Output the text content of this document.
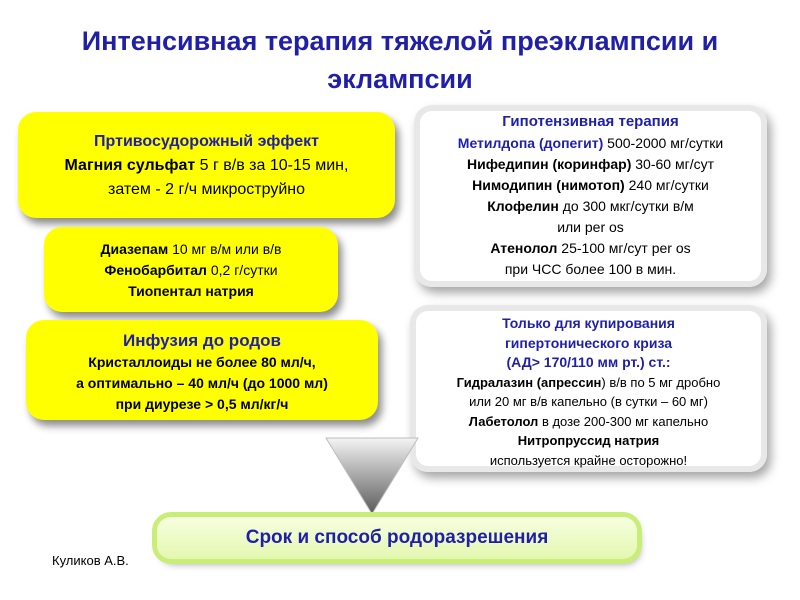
Интенсивная терапия тяжелой преэклампсии и
эклампсии
Пртивосудорожный эффект
Магния сульфат 5 г в/в за 10-15 мин,
затем - 2 г/ч микроструйно
Диазепам 10 мг в/м или в/в
Фенобарбитал 0,2 г/сутки
Тиопентал натрия
Инфузия до родов
Кристаллоиды не более 80 мл/ч,
а оптимально – 40 мл/ч (до 1000 мл)
при диурезе > 0,5 мл/кг/ч
Гипотензивная терапия
Метилдопа (допегит) 500-2000 мг/сутки
Нифедипин (коринфар) 30-60 мг/сут
Нимодипин (нимотоп) 240 мг/сутки
Клофелин до 300 мкг/сутки в/м
или per os
Атенолол 25-100 мг/сут per os
при ЧСС более 100 в мин.
Только для купирования
гипертонического криза
(АД> 170/110 мм рт.) ст.:
Гидралазин (апрессин) в/в по 5 мг дробно
или 20 мг в/в капельно (в сутки – 60 мг)
Лабетолол в дозе 200-300 мг капельно
Нитропруссид натрия
используется крайне осторожно!
Срок и способ родоразрешения
Куликов А.В.
